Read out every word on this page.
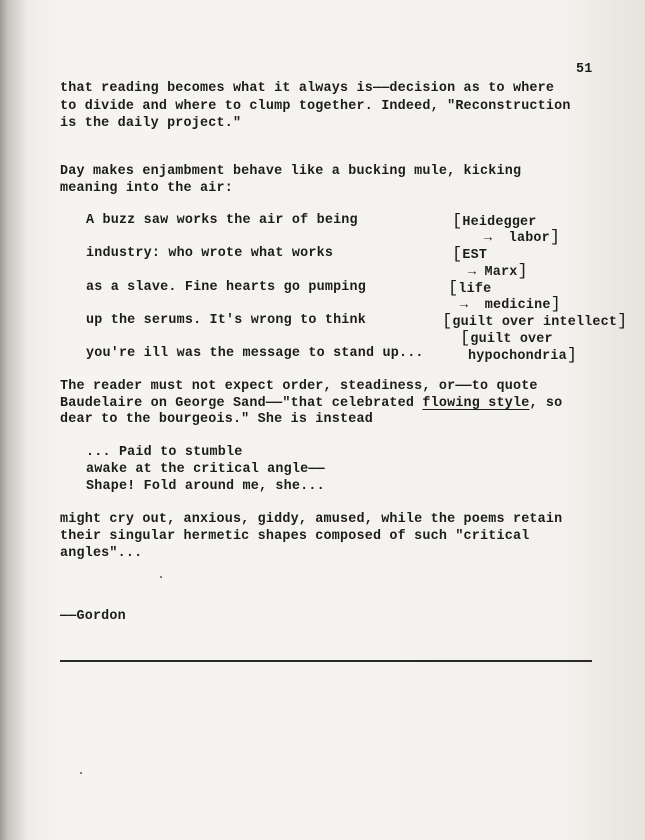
51
that reading becomes what it always is——decision as to where
to divide and where to clump together. Indeed, "Reconstruction
is the daily project."
Day makes enjambment behave like a bucking mule, kicking
meaning into the air:
A buzz saw works the air of being
industry: who wrote what works
as a slave. Fine hearts go pumping
up the serums. It's wrong to think
you're ill was the message to stand up...
[Heidegger
→  labor]
[EST
→ Marx]
[life
→  medicine]
[guilt over intellect]
[guilt over
hypochondria]
The reader must not expect order, steadiness, or——to quote
Baudelaire on George Sand——"that celebrated flowing style, so
dear to the bourgeois." She is instead
... Paid to stumble
awake at the critical angle——
Shape! Fold around me, she...
might cry out, anxious, giddy, amused, while the poems retain
their singular hermetic shapes composed of such "critical
angles"...
——Gordon
